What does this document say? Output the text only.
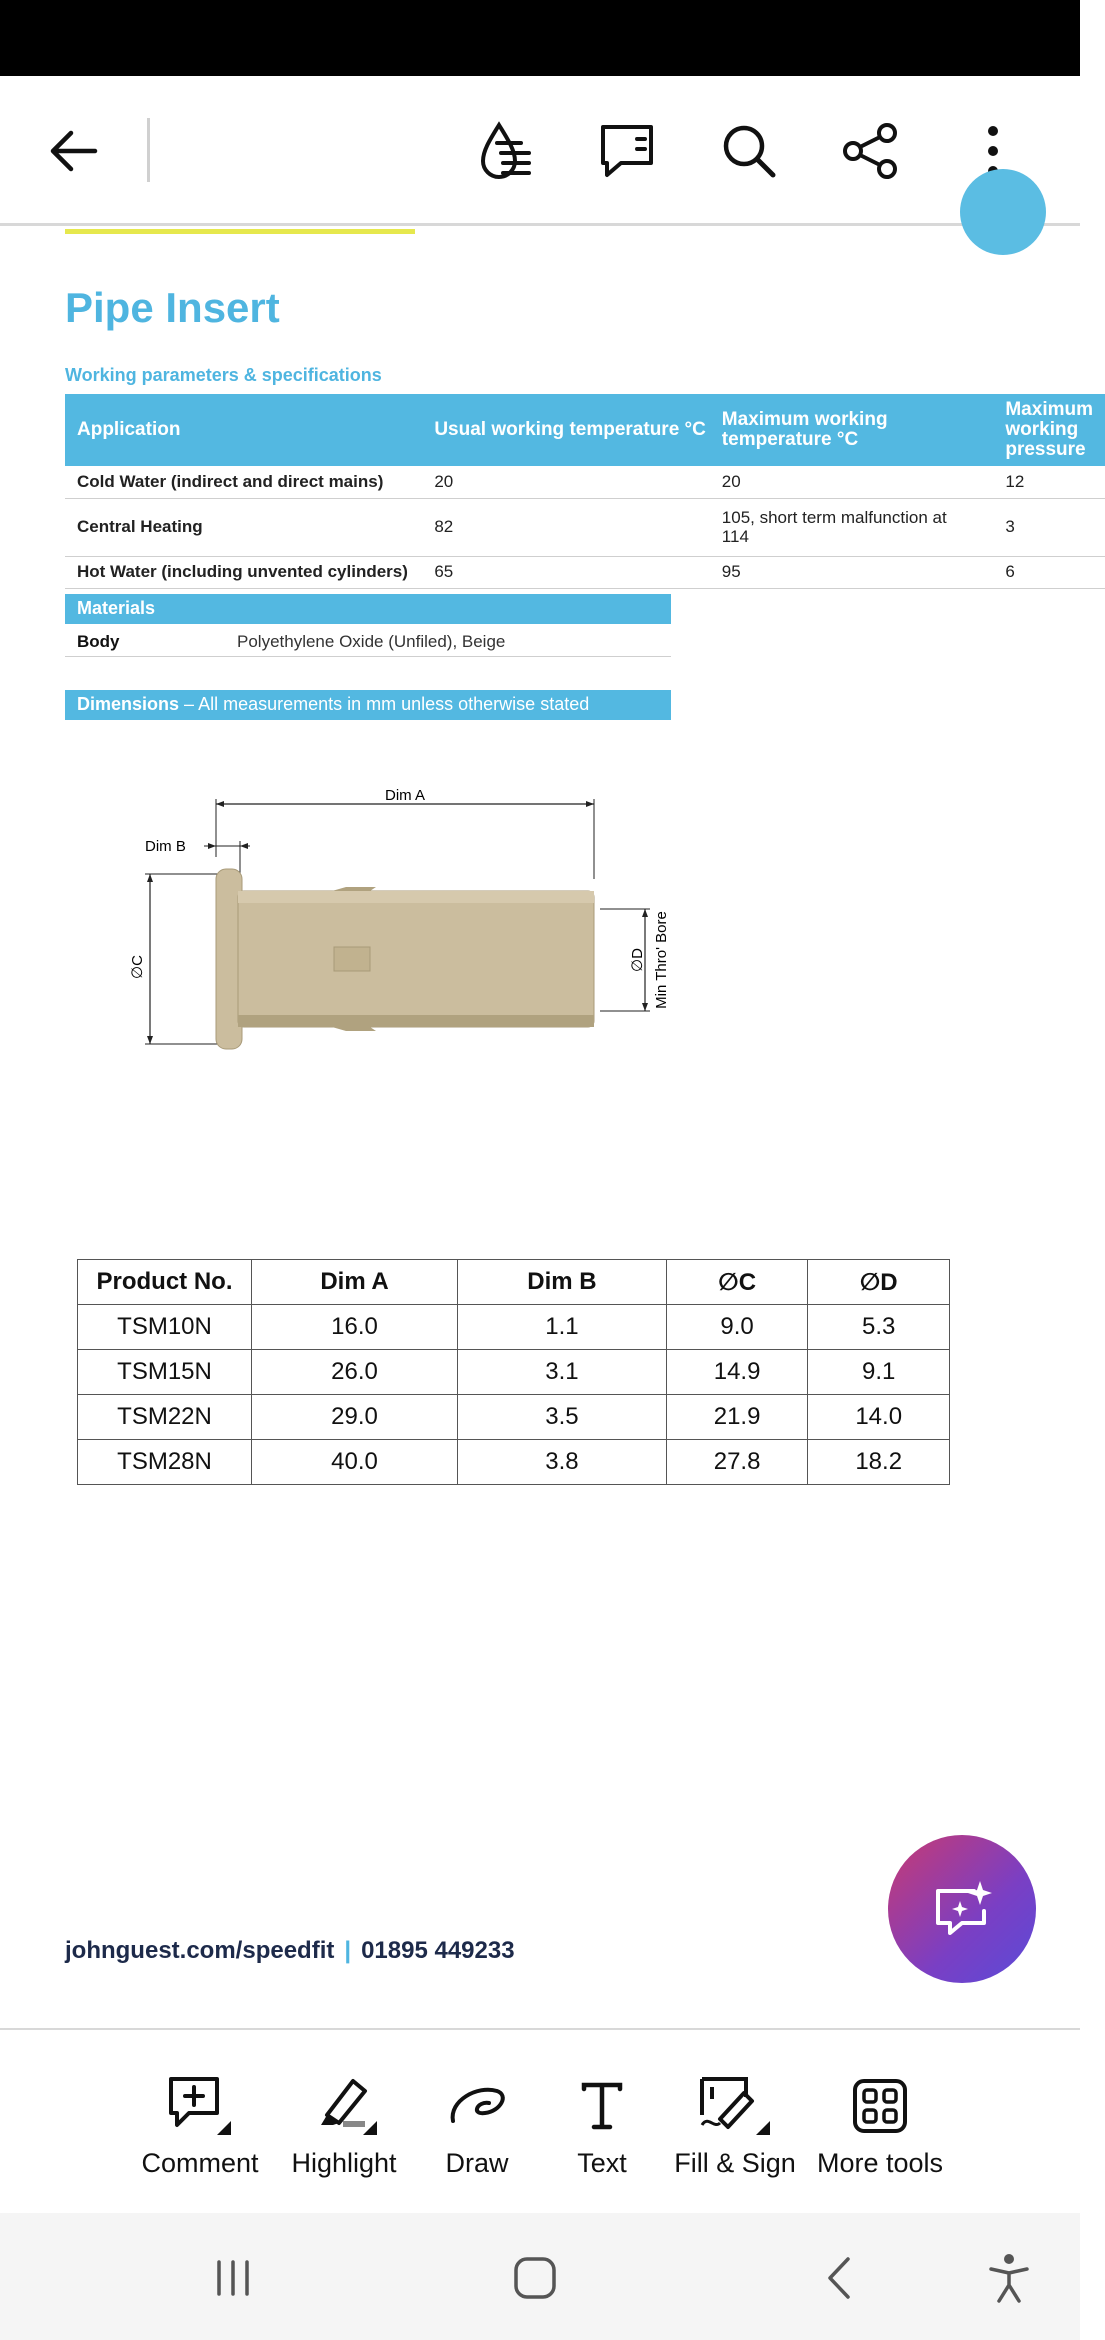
Pipe Insert
Working parameters & specifications
Application	Usual working temperature °C	Maximum working temperature °C	Maximum working pressure
Cold Water (indirect and direct mains)	20	20	12
Central Heating	82	105, short term malfunction at 114	3
Hot Water (including unvented cylinders)	65	95	6
Materials
Body	Polyethylene Oxide (Unfiled), Beige
Dimensions – All measurements in mm unless otherwise stated
Dim A
Dim B
∅C	∅D Min Thro' Bore
Product No.	Dim A	Dim B	∅C	∅D
TSM10N	16.0	1.1	9.0	5.3
TSM15N	26.0	3.1	14.9	9.1
TSM22N	29.0	3.5	21.9	14.0
TSM28N	40.0	3.8	27.8	18.2
johnguest.com/speedfit | 01895 449233
Comment Highlight Draw	Text Fill & Sign More tools
